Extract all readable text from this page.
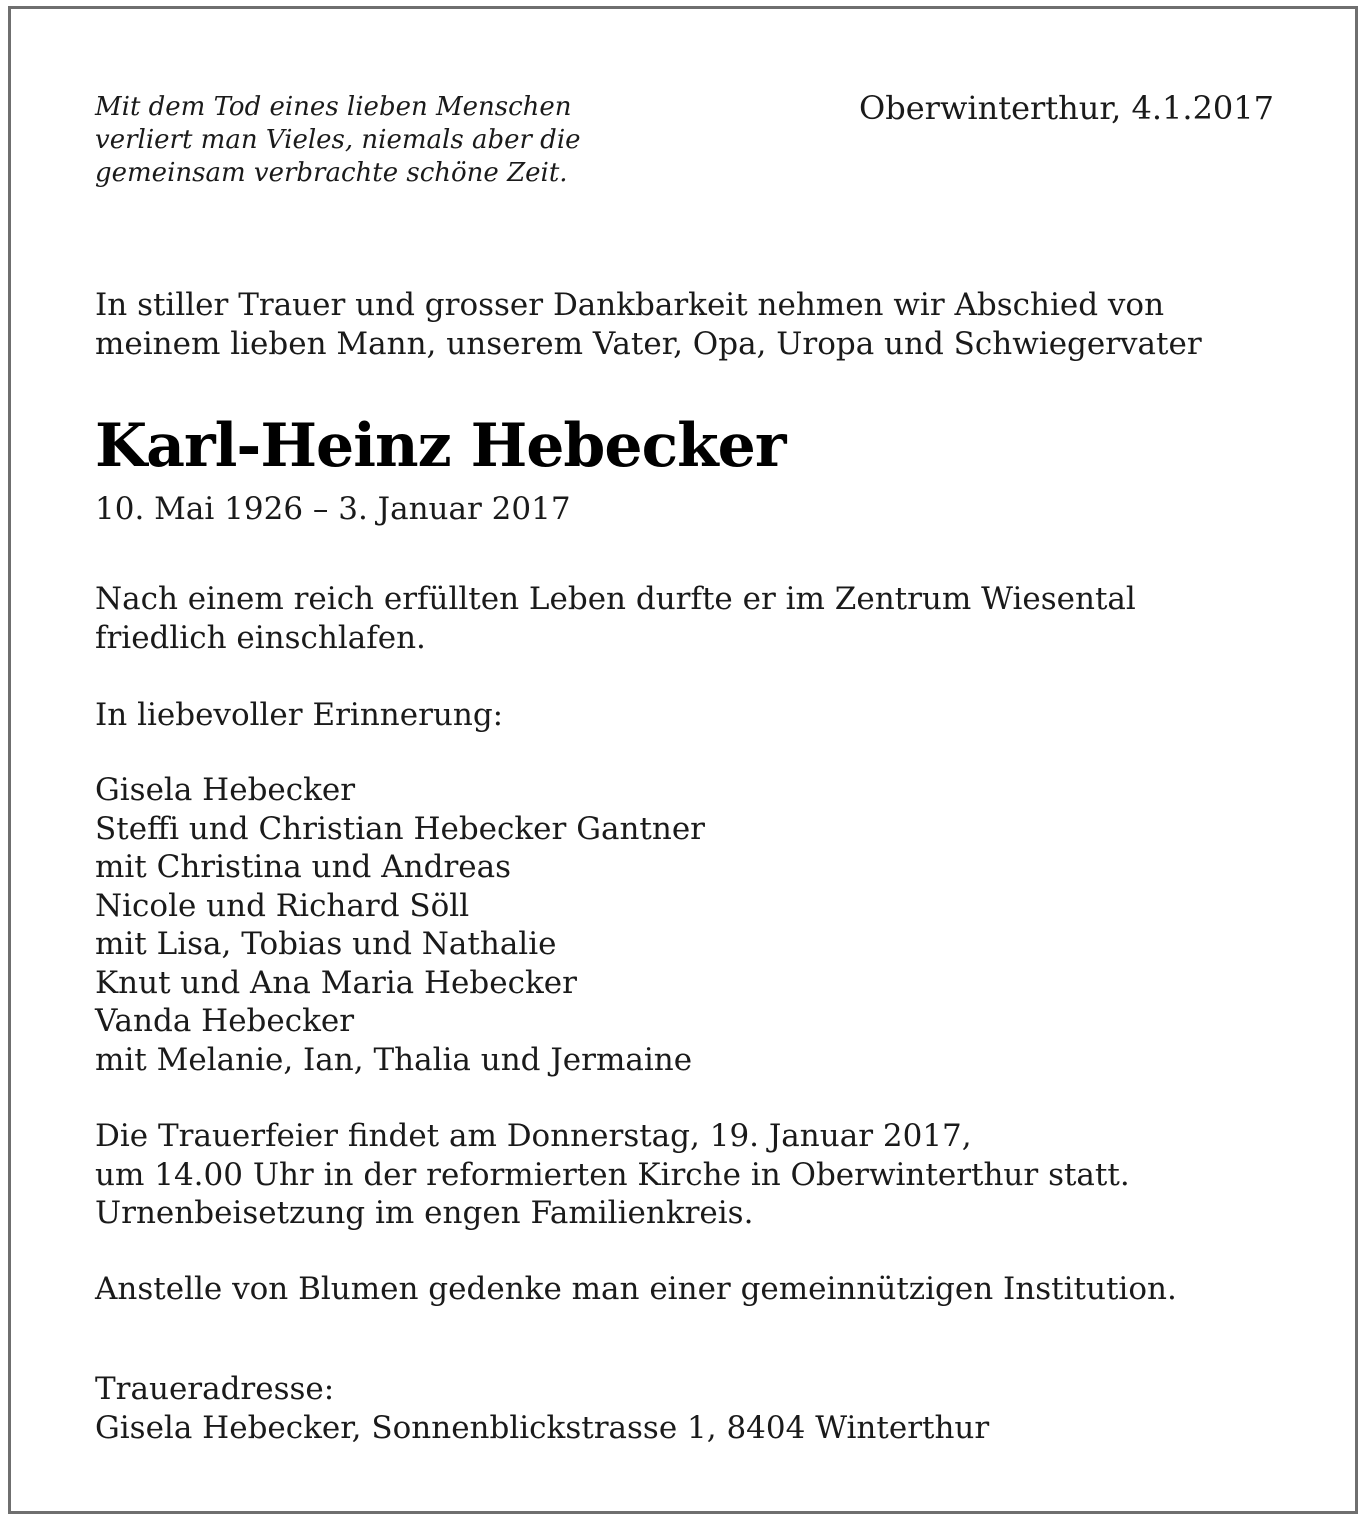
Mit dem Tod eines lieben Menschen
verliert man Vieles, niemals aber die
gemeinsam verbrachte schöne Zeit.
Oberwinterthur, 4.1.2017
In stiller Trauer und grosser Dankbarkeit nehmen wir Abschied von
meinem lieben Mann, unserem Vater, Opa, Uropa und Schwiegervater
Karl-Heinz Hebecker
10. Mai 1926 – 3. Januar 2017
Nach einem reich erfüllten Leben durfte er im Zentrum Wiesental
friedlich einschlafen.
In liebevoller Erinnerung:
Gisela Hebecker
Steffi und Christian Hebecker Gantner
mit Christina und Andreas
Nicole und Richard Söll
mit Lisa, Tobias und Nathalie
Knut und Ana Maria Hebecker
Vanda Hebecker
mit Melanie, Ian, Thalia und Jermaine
Die Trauerfeier findet am Donnerstag, 19. Januar 2017,
um 14.00 Uhr in der reformierten Kirche in Oberwinterthur statt.
Urnenbeisetzung im engen Familienkreis.
Anstelle von Blumen gedenke man einer gemeinnützigen Institution.
Traueradresse:
Gisela Hebecker, Sonnenblickstrasse 1, 8404 Winterthur
